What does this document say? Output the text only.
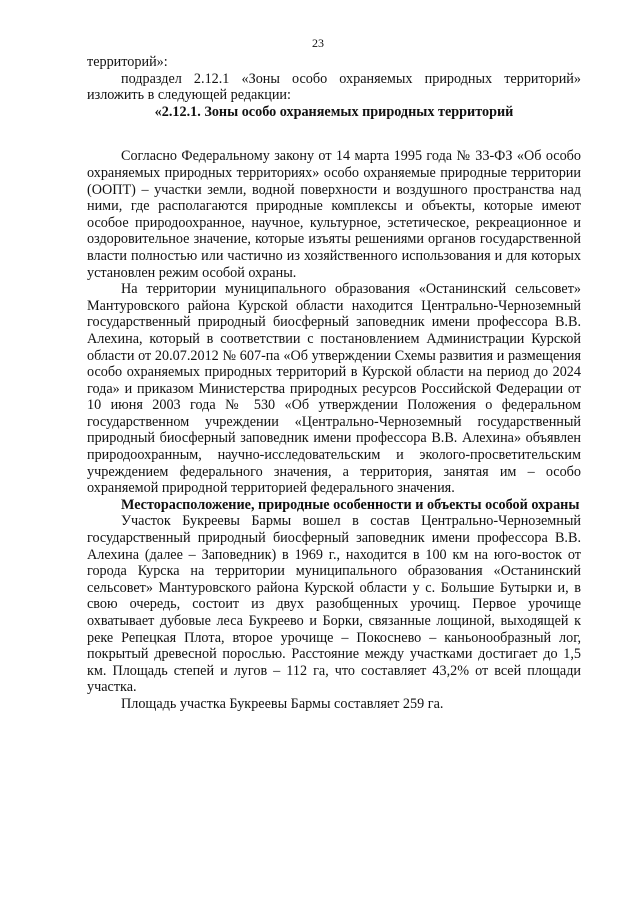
23

территорий»:

подраздел 2.12.1 «Зоны особо охраняемых природных территорий» изложить в следующей редакции:

«2.12.1. Зоны особо охраняемых природных территорий

Согласно Федеральному закону от 14 марта 1995 года № 33-ФЗ «Об особо охраняемых природных территориях» особо охраняемые природные территории (ООПТ) – участки земли, водной поверхности и воздушного пространства над ними, где располагаются природные комплексы и объекты, которые имеют особое природоохранное, научное, культурное, эстетическое, рекреационное и оздоровительное значение, которые изъяты решениями органов государственной власти полностью или частично из хозяйственного использования и для которых установлен режим особой охраны.

На территории муниципального образования «Останинский сельсовет» Мантуровского района Курской области находится Центрально-Черноземный государственный природный биосферный заповедник имени профессора В.В. Алехина, который в соответствии с постановлением Администрации Курской области от 20.07.2012 № 607-па «Об утверждении Схемы развития и размещения особо охраняемых природных территорий в Курской области на период до 2024 года» и приказом Министерства природных ресурсов Российской Федерации от 10 июня 2003 года № 530 «Об утверждении Положения о федеральном государственном учреждении «Центрально-Черноземный государственный природный биосферный заповедник имени профессора В.В. Алехина» объявлен природоохранным, научно-исследовательским и эколого-просветительским учреждением федерального значения, а территория, занятая им – особо охраняемой природной территорией федерального значения.

Месторасположение, природные особенности и объекты особой охраны

Участок Букреевы Бармы вошел в состав Центрально-Черноземный государственный природный биосферный заповедник имени профессора В.В. Алехина (далее – Заповедник) в 1969 г., находится в 100 км на юго-восток от города Курска на территории муниципального образования «Останинский сельсовет» Мантуровского района Курской области у с. Большие Бутырки и, в свою очередь, состоит из двух разобщенных урочищ. Первое урочище охватывает дубовые леса Букреево и Борки, связанные лощиной, выходящей к реке Репецкая Плота, второе урочище – Покоснево – каньонообразный лог, покрытый древесной порослью. Расстояние между участками достигает до 1,5 км. Площадь степей и лугов – 112 га, что составляет 43,2% от всей площади участка.

Площадь участка Букреевы Бармы составляет 259 га.
